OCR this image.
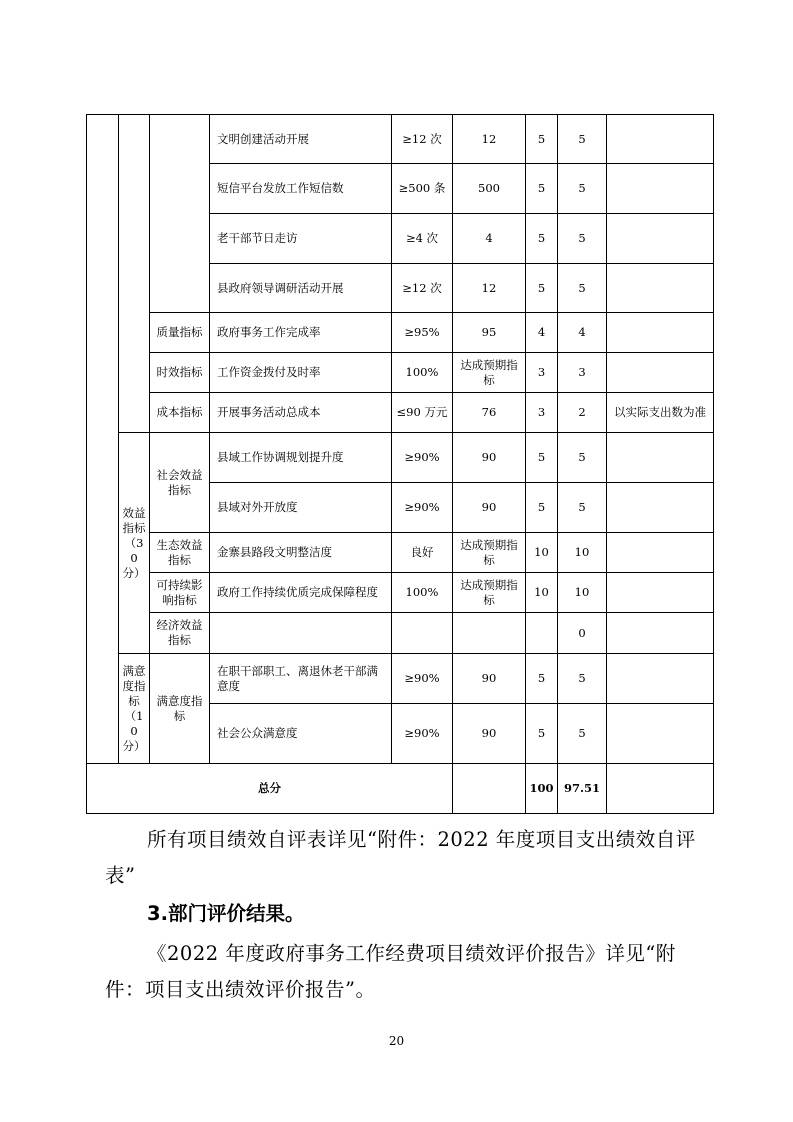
			文明创建活动开展	≥12 次	12	5	5	
			短信平台发放工作短信数	≥500 条	500	5	5	
			老干部节日走访	≥4 次	4	5	5	
			县政府领导调研活动开展	≥12 次	12	5	5	
		质量指标	政府事务工作完成率	≥95%	95	4	4	
		时效指标	工作资金拨付及时率	100%	达成预期指标	3	3	
		成本指标	开展事务活动总成本	≤90 万元	76	3	2	以实际支出数为准
	效益指标（30分）	社会效益指标	县域工作协调规划提升度	≥90%	90	5	5	
			县域对外开放度	≥90%	90	5	5	
		生态效益指标	金寨县路段文明整洁度	良好	达成预期指标	10	10	
		可持续影响指标	政府工作持续优质完成保障程度	100%	达成预期指标	10	10	
		经济效益指标					0	
	满意度指标（10分）	满意度指标	在职干部职工、离退休老干部满意度	≥90%	90	5	5	
			社会公众满意度	≥90%	90	5	5	
总分						100	97.51	

所有项目绩效自评表详见“附件：2022 年度项目支出绩效自评表”

3.部门评价结果。

《2022 年度政府事务工作经费项目绩效评价报告》详见“附件：项目支出绩效评价报告”。

20
